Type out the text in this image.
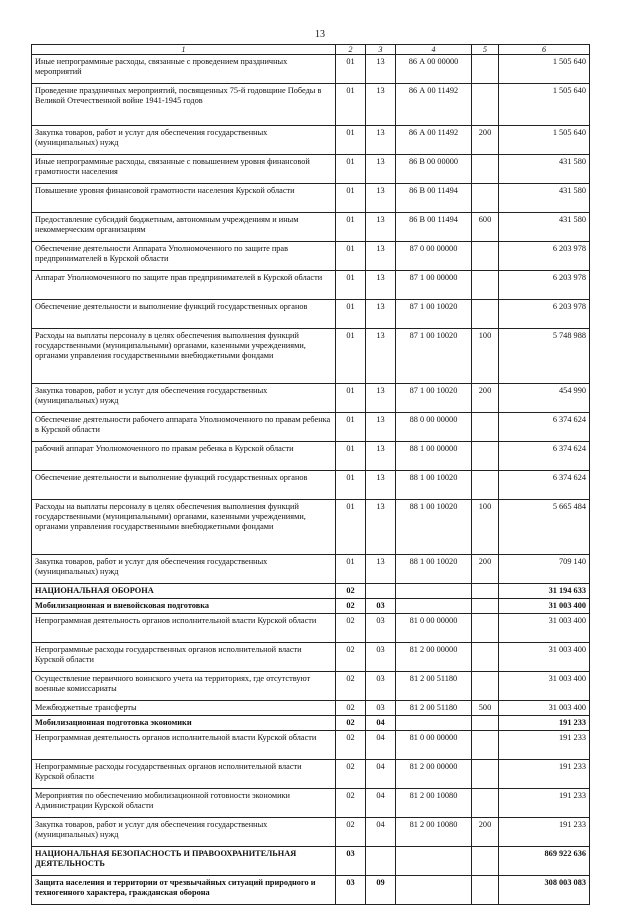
13
1	2	3	4	5	6
Иные непрограммные расходы, связанные с проведением праздничных мероприятий	01	13	86 А 00 00000		1 505 640
Проведение праздничных мероприятий, посвященных 75-й годовщине Победы в Великой Отечественной войне 1941-1945 годов	01	13	86 А 00 11492		1 505 640
Закупка товаров, работ и услуг для обеспечения государственных (муниципальных) нужд	01	13	86 А 00 11492	200	1 505 640
Иные непрограммные расходы, связанные с повышением уровня финансовой грамотности населения	01	13	86 В 00 00000		431 580
Повышение уровня финансовой грамотности населения Курской области	01	13	86 В 00 11494		431 580
Предоставление субсидий бюджетным, автономным учреждениям и иным некоммерческим организациям	01	13	86 В 00 11494	600	431 580
Обеспечение деятельности Аппарата Уполномоченного по защите прав предпринимателей в Курской области	01	13	87 0 00 00000		6 203 978
Аппарат Уполномоченного по защите прав предпринимателей в Курской области	01	13	87 1 00 00000		6 203 978
Обеспечение деятельности и выполнение функций государственных органов	01	13	87 1 00 10020		6 203 978
Расходы на выплаты персоналу в целях обеспечения выполнения функций государственными (муниципальными) органами, казенными учреждениями, органами управления государственными внебюджетными фондами	01	13	87 1 00 10020	100	5 748 988
Закупка товаров, работ и услуг для обеспечения государственных (муниципальных) нужд	01	13	87 1 00 10020	200	454 990
Обеспечение деятельности рабочего аппарата Уполномоченного по правам ребенка в Курской области	01	13	88 0 00 00000		6 374 624
рабочий аппарат Уполномоченного по правам ребенка в Курской области	01	13	88 1 00 00000		6 374 624
Обеспечение деятельности и выполнение функций государственных органов	01	13	88 1 00 10020		6 374 624
Расходы на выплаты персоналу в целях обеспечения выполнения функций государственными (муниципальными) органами, казенными учреждениями, органами управления государственными внебюджетными фондами	01	13	88 1 00 10020	100	5 665 484
Закупка товаров, работ и услуг для обеспечения государственных (муниципальных) нужд	01	13	88 1 00 10020	200	709 140
НАЦИОНАЛЬНАЯ ОБОРОНА	02				31 194 633
Мобилизационная и вневойсковая подготовка	02	03			31 003 400
Непрограммная деятельность органов исполнительной власти Курской области	02	03	81 0 00 00000		31 003 400
Непрограммные расходы государственных органов исполнительной власти Курской области	02	03	81 2 00 00000		31 003 400
Осуществление первичного воинского учета на территориях, где отсутствуют военные комиссариаты	02	03	81 2 00 51180		31 003 400
Межбюджетные трансферты	02	03	81 2 00 51180	500	31 003 400
Мобилизационная подготовка экономики	02	04			191 233
Непрограммная деятельность органов исполнительной власти Курской области	02	04	81 0 00 00000		191 233
Непрограммные расходы государственных органов исполнительной власти Курской области	02	04	81 2 00 00000		191 233
Мероприятия по обеспечению мобилизационной готовности экономики Администрации Курской области	02	04	81 2 00 10080		191 233
Закупка товаров, работ и услуг для обеспечения государственных (муниципальных) нужд	02	04	81 2 00 10080	200	191 233
НАЦИОНАЛЬНАЯ БЕЗОПАСНОСТЬ И ПРАВООХРАНИТЕЛЬНАЯ ДЕЯТЕЛЬНОСТЬ	03				869 922 636
Защита населения и территории от чрезвычайных ситуаций природного и техногенного характера, гражданская оборона	03	09			308 003 083
